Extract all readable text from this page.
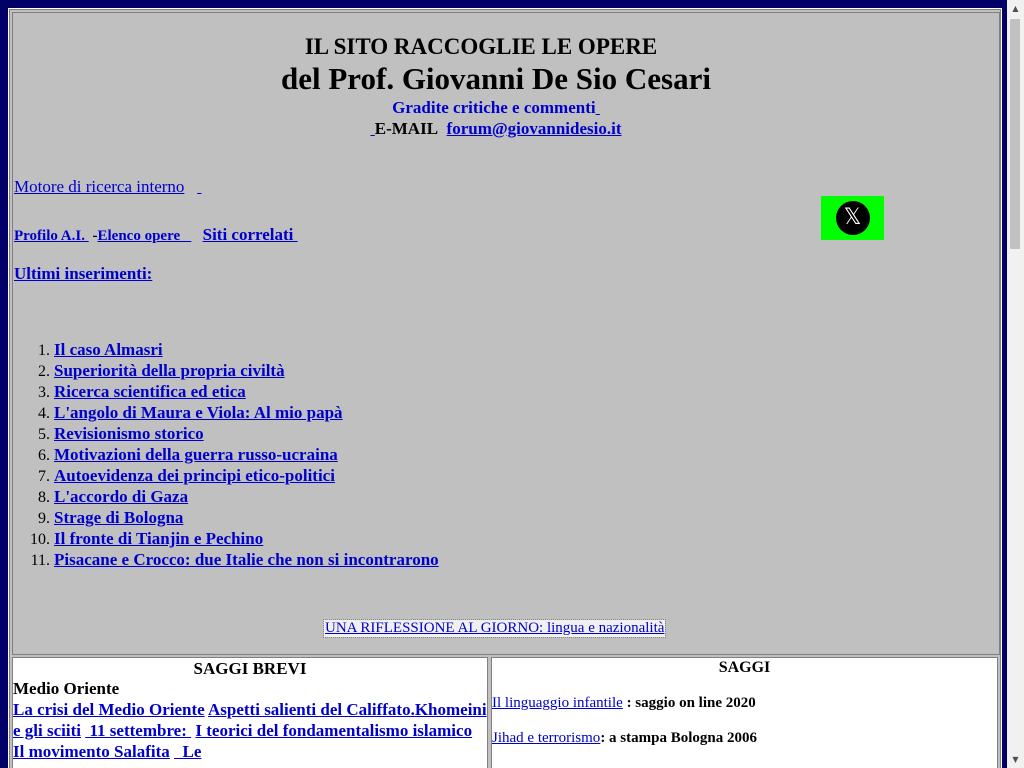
IL SITO RACCOGLIE LE OPERE
del Prof. Giovanni De Sio Cesari
Gradite critiche e commenti
E-MAIL forum@giovannidesio.it
Motore di ricerca interno
𝕏
Profilo A.I. -Elenco opere Siti correlati
Ultimi inserimenti:
1. Il caso Almasri
2. Superiorità della propria civiltà
3. Ricerca scientifica ed etica
4. L'angolo di Maura e Viola: Al mio papà
5. Revisionismo storico
6. Motivazioni della guerra russo-ucraina
7. Autoevidenza dei principi etico-politici
8. L'accordo di Gaza
9. Strage di Bologna
10. Il fronte di Tianjin e Pechino
11. Pisacane e Crocco: due Italie che non si incontrarono
UNA RIFLESSIONE AL GIORNO: lingua e nazionalità
SAGGI BREVI
Medio Oriente
La crisi del Medio Oriente Aspetti salienti del Califfato.Khomeini e gli sciiti 11 settembre: I teorici del fondamentalismo islamico Il movimento Salafita Le
SAGGI
Il linguaggio infantile : saggio on line 2020
Jihad e terrorismo: a stampa Bologna 2006
▲
▼
